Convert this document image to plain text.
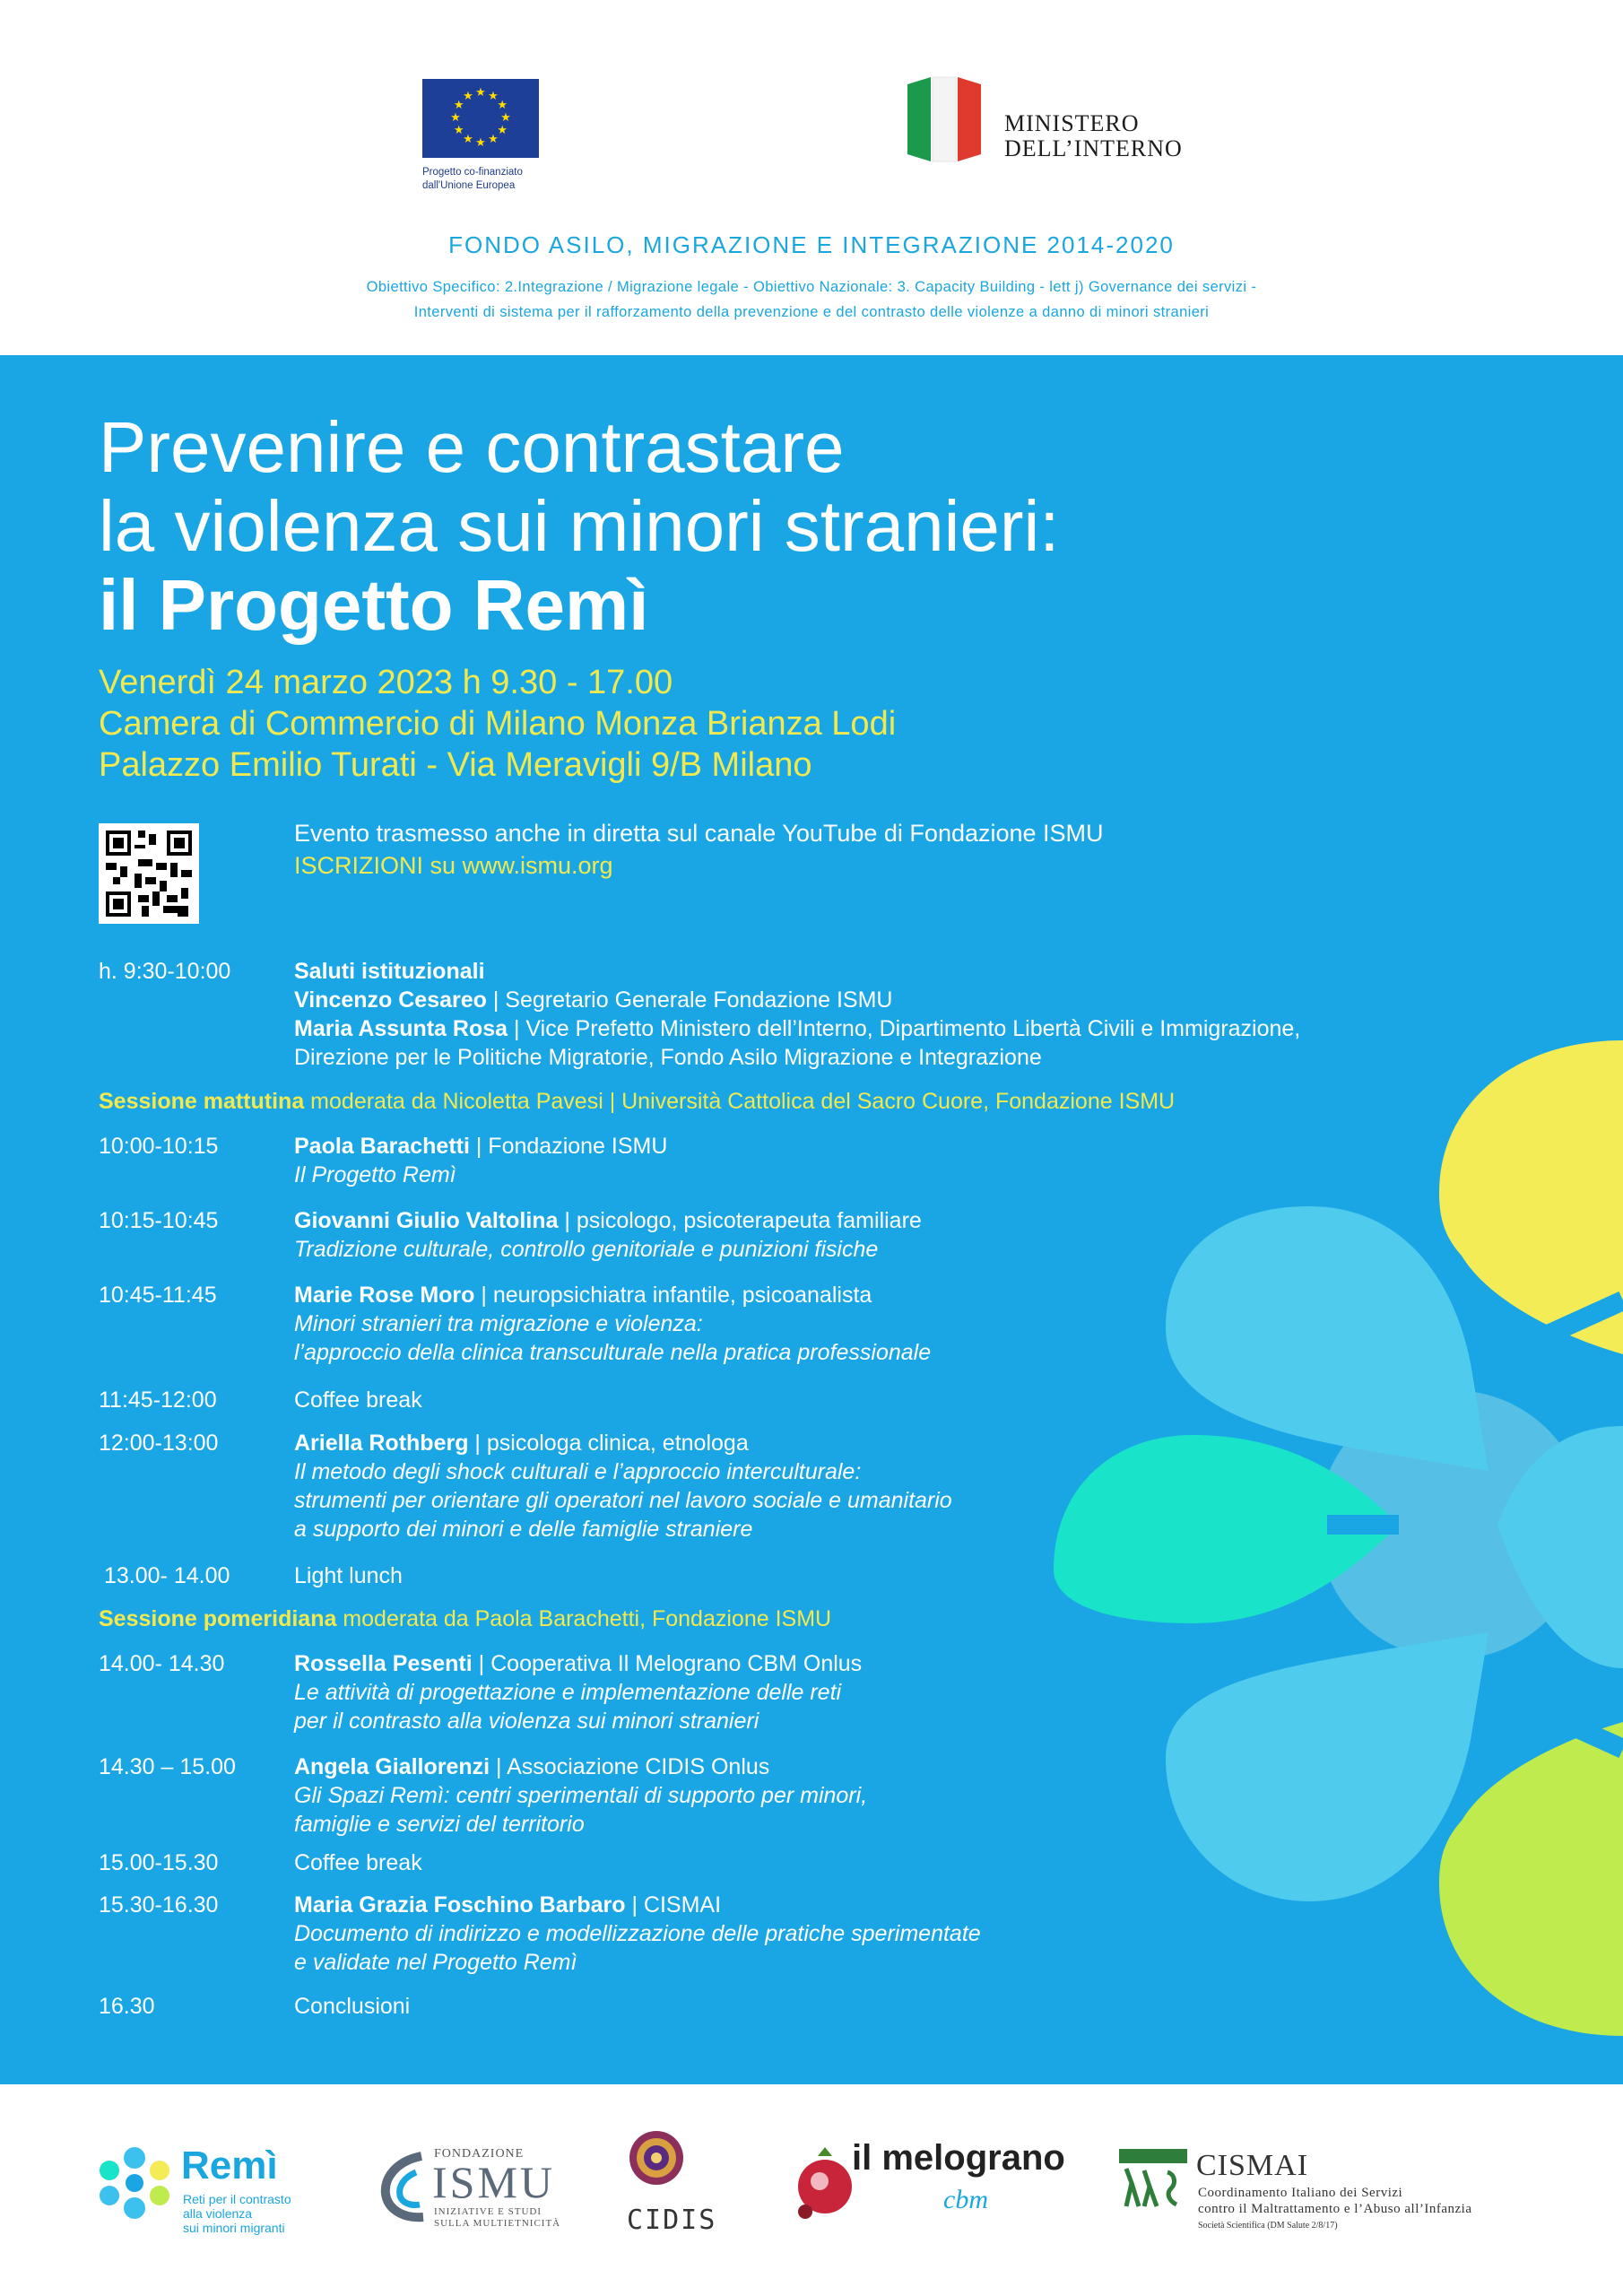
★ ★
★
★
★
★
★
★
★
★
★
★
Progetto co-finanziato
dall'Unione Europea
MINISTERO
DELL’INTERNO
FONDO ASILO, MIGRAZIONE E INTEGRAZIONE 2014-2020
Obiettivo Specifico: 2.Integrazione / Migrazione legale - Obiettivo Nazionale: 3. Capacity Building - lett j) Governance dei servizi -
Interventi di sistema per il rafforzamento della prevenzione e del contrasto delle violenze a danno di minori stranieri
Prevenire e contrastare
la violenza sui minori stranieri:
il Progetto Remì
Venerdì 24 marzo 2023 h 9.30 - 17.00
Camera di Commercio di Milano Monza Brianza Lodi
Palazzo Emilio Turati - Via Meravigli 9/B Milano
Evento trasmesso anche in diretta sul canale YouTube di Fondazione ISMU
ISCRIZIONI su www.ismu.org
h. 9:30-10:00	Saluti istituzionali
Vincenzo Cesareo | Segretario Generale Fondazione ISMU
Maria Assunta Rosa | Vice Prefetto Ministero dell’Interno, Dipartimento Libertà Civili e Immigrazione,
Direzione per le Politiche Migratorie, Fondo Asilo Migrazione e Integrazione
Sessione mattutina moderata da Nicoletta Pavesi | Università Cattolica del Sacro Cuore, Fondazione ISMU
10:00-10:15	Paola Barachetti | Fondazione ISMU
Il Progetto Remì
10:15-10:45	Giovanni Giulio Valtolina | psicologo, psicoterapeuta familiare
Tradizione culturale, controllo genitoriale e punizioni fisiche
10:45-11:45	Marie Rose Moro | neuropsichiatra infantile, psicoanalista
Minori stranieri tra migrazione e violenza:
l’approccio della clinica transculturale nella pratica professionale
11:45-12:00	Coffee break
12:00-13:00	Ariella Rothberg | psicologa clinica, etnologa
Il metodo degli shock culturali e l’approccio interculturale:
strumenti per orientare gli operatori nel lavoro sociale e umanitario
a supporto dei minori e delle famiglie straniere
13.00- 14.00	Light lunch
Sessione pomeridiana moderata da Paola Barachetti, Fondazione ISMU
14.00- 14.30	Rossella Pesenti | Cooperativa Il Melograno CBM Onlus
Le attività di progettazione e implementazione delle reti
per il contrasto alla violenza sui minori stranieri
14.30 – 15.00	Angela Giallorenzi | Associazione CIDIS Onlus
Gli Spazi Remì: centri sperimentali di supporto per minori,
famiglie e servizi del territorio
15.00-15.30	Coffee break
15.30-16.30	Maria Grazia Foschino Barbaro | CISMAI
Documento di indirizzo e modellizzazione delle pratiche sperimentate
e validate nel Progetto Remì
16.30	Conclusioni
Remì
Reti per il contrasto
alla violenza
sui minori migranti
FONDAZIONE
ISMU
INIZIATIVE E STUDI
SULLA MULTIETNICITÀ CIDIS
il melograno
cbm
CISMAI
Coordinamento Italiano dei Servizi
contro il Maltrattamento e l’Abuso all’Infanzia
Società Scientifica (DM Salute 2/8/17)
